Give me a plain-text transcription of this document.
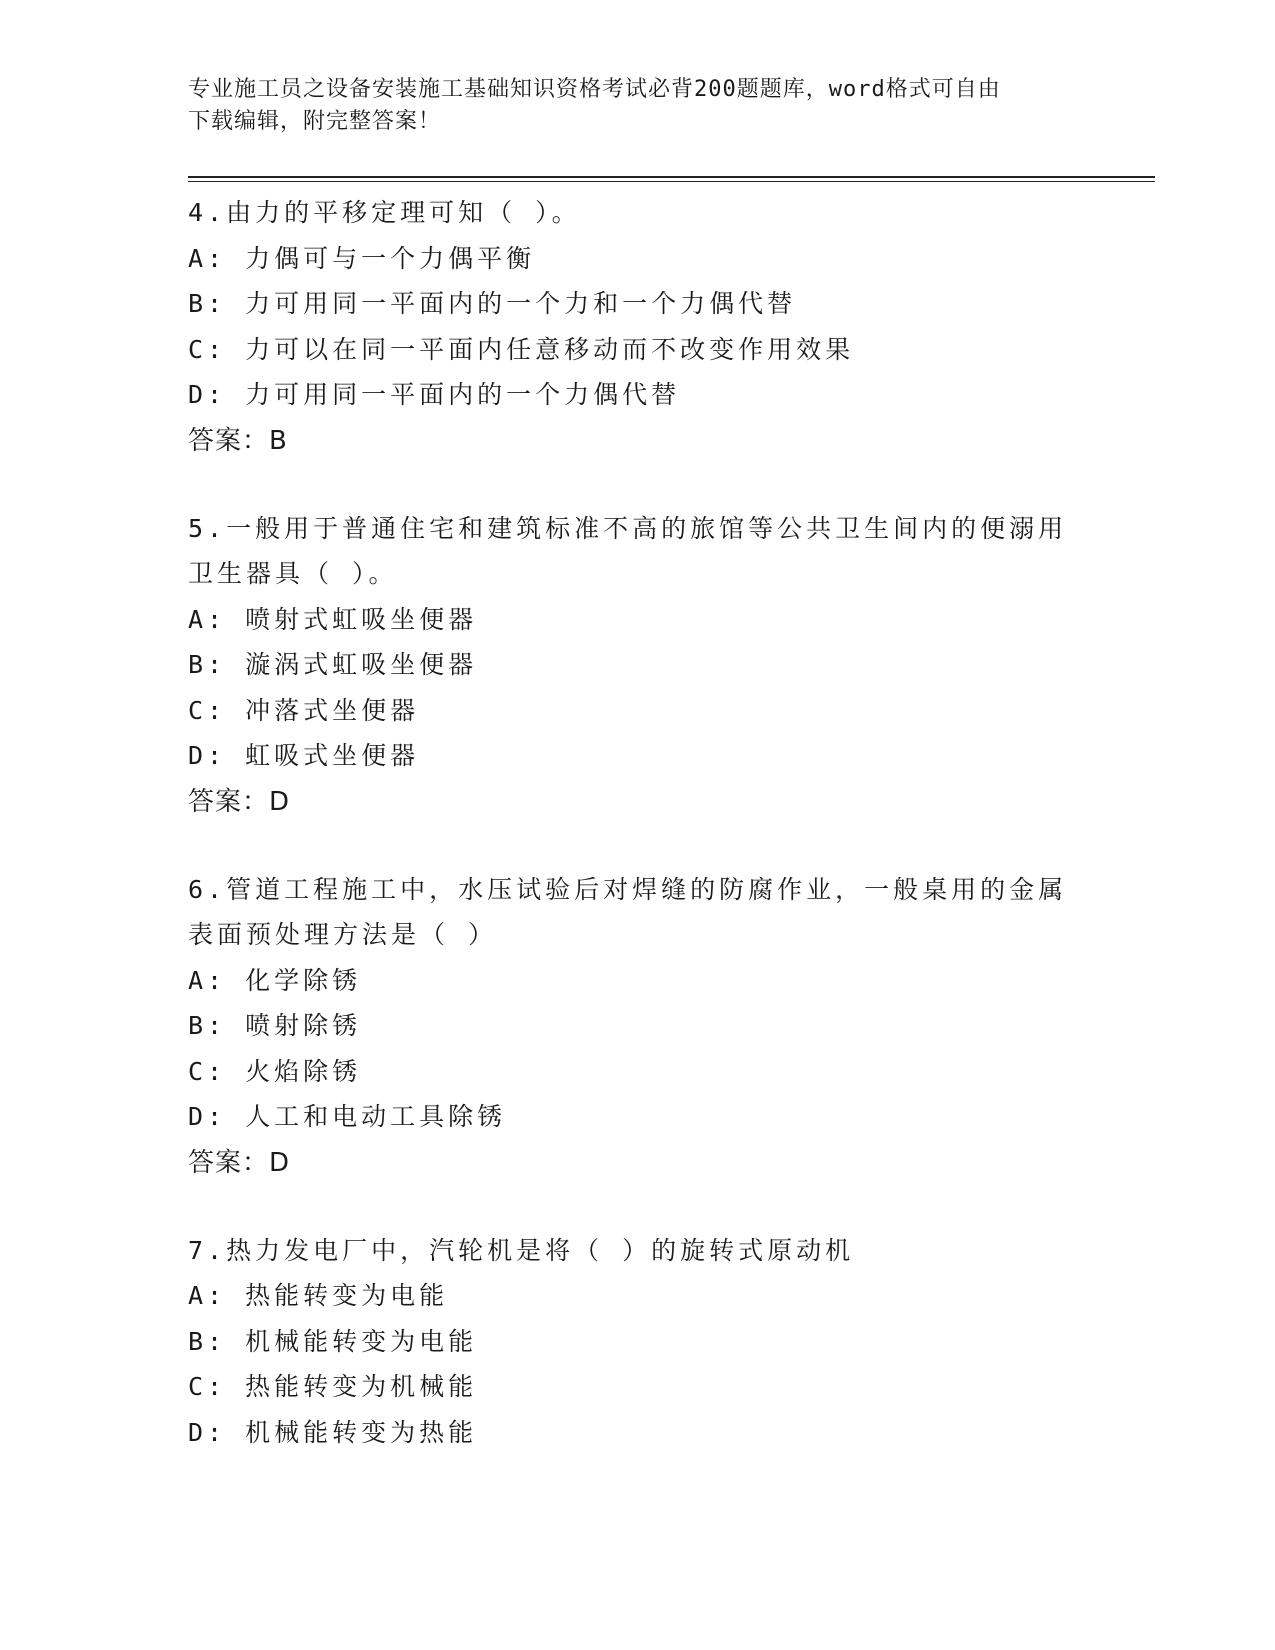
专业施工员之设备安装施工基础知识资格考试必背200题题库，word格式可自由
下载编辑，附完整答案！
4.由力的平移定理可知（ ）。
A: 力偶可与一个力偶平衡
B: 力可用同一平面内的一个力和一个力偶代替
C: 力可以在同一平面内任意移动而不改变作用效果
D: 力可用同一平面内的一个力偶代替
答案：B
5.一般用于普通住宅和建筑标准不高的旅馆等公共卫生间内的便溺用
卫生器具（ ）。
A: 喷射式虹吸坐便器
B: 漩涡式虹吸坐便器
C: 冲落式坐便器
D: 虹吸式坐便器
答案：D
6.管道工程施工中，水压试验后对焊缝的防腐作业，一般桌用的金属
表面预处理方法是（ ）
A: 化学除锈
B: 喷射除锈
C: 火焰除锈
D: 人工和电动工具除锈
答案：D
7.热力发电厂中，汽轮机是将（ ）的旋转式原动机
A: 热能转变为电能
B: 机械能转变为电能
C: 热能转变为机械能
D: 机械能转变为热能
